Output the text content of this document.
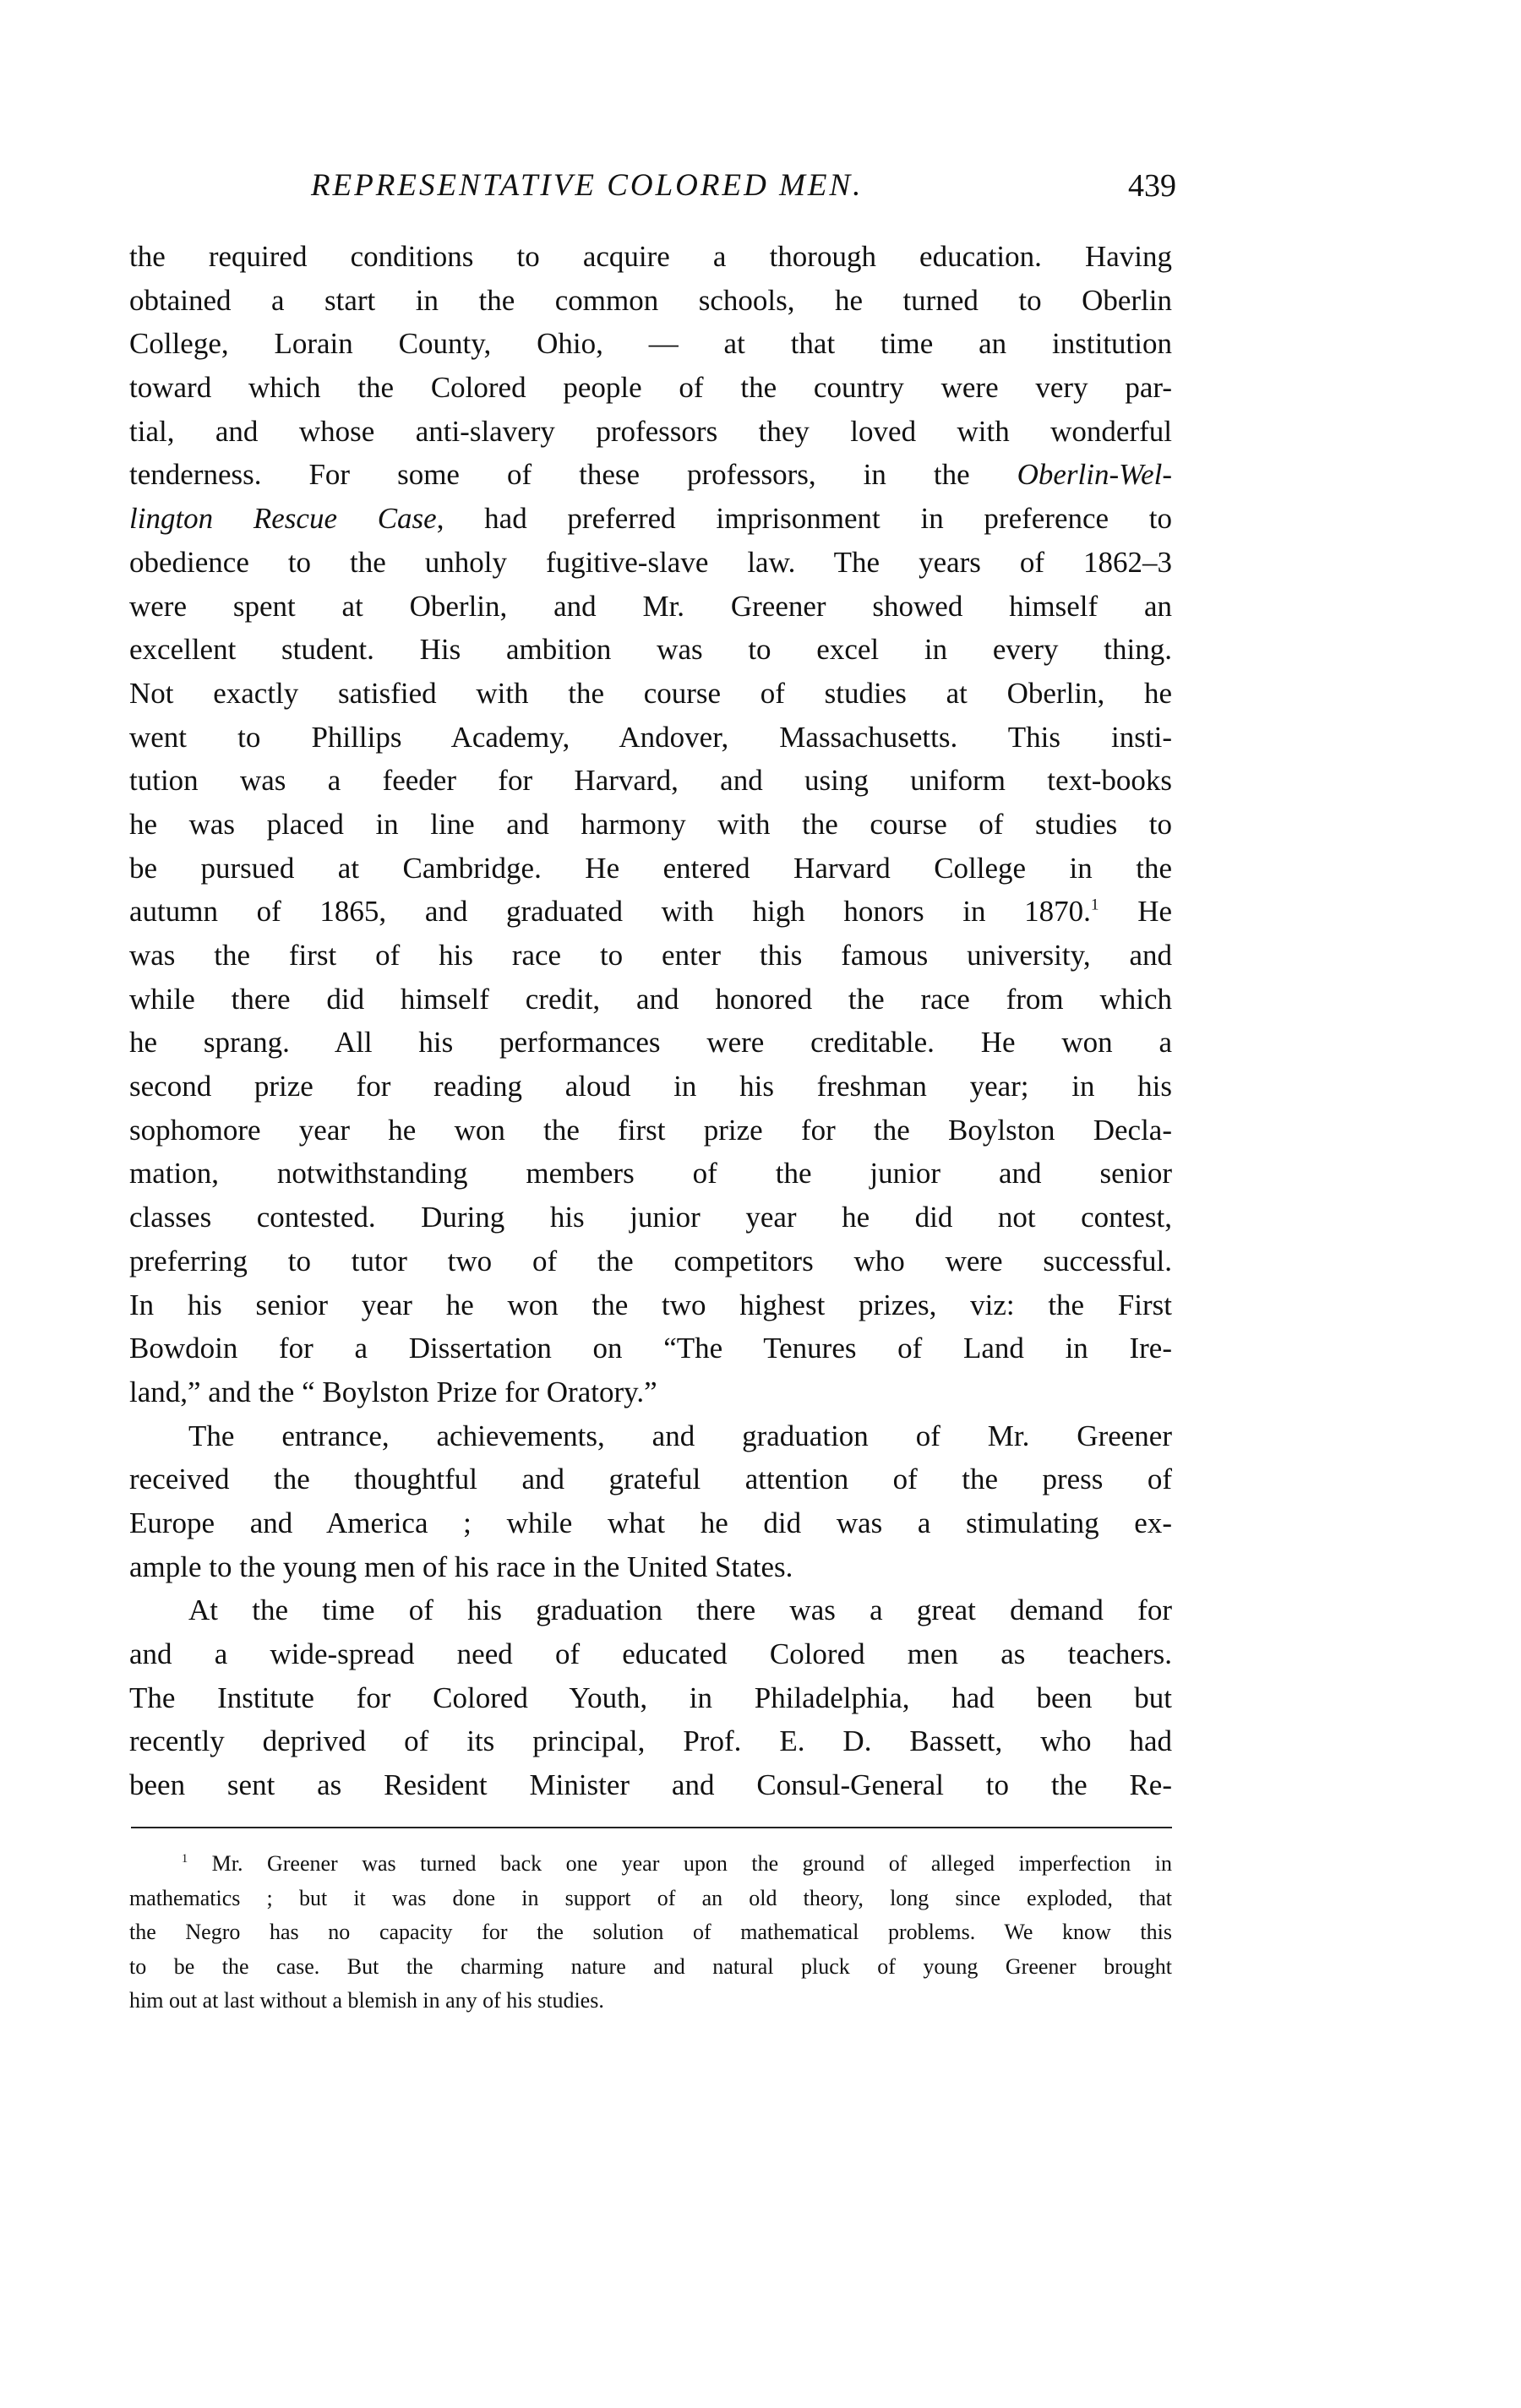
REPRESENTATIVE COLORED MEN.	439
the required conditions to acquire a thorough education. Having
obtained a start in the common schools, he turned to Oberlin
College, Lorain County, Ohio, — at that time an institution
toward which the Colored people of the country were very par-
tial, and whose anti-slavery professors they loved with wonderful
tenderness. For some of these professors, in the Oberlin-Wel-
lington Rescue Case, had preferred imprisonment in preference to
obedience to the unholy fugitive-slave law. The years of 1862–3
were spent at Oberlin, and Mr. Greener showed himself an
excellent student. His ambition was to excel in every thing.
Not exactly satisfied with the course of studies at Oberlin, he
went to Phillips Academy, Andover, Massachusetts. This insti-
tution was a feeder for Harvard, and using uniform text-books
he was placed in line and harmony with the course of studies to
be pursued at Cambridge. He entered Harvard College in the
autumn of 1865, and graduated with high honors in 1870.$^1$ He
was the first of his race to enter this famous university, and
while there did himself credit, and honored the race from which
he sprang. All his performances were creditable. He won a
second prize for reading aloud in his freshman year; in his
sophomore year he won the first prize for the Boylston Decla-
mation, notwithstanding members of the junior and senior
classes contested. During his junior year he did not contest,
preferring to tutor two of the competitors who were successful.
In his senior year he won the two highest prizes, viz: the First
Bowdoin for a Dissertation on “The Tenures of Land in Ire-
land,” and the “ Boylston Prize for Oratory.”
The entrance, achievements, and graduation of Mr. Greener
received the thoughtful and grateful attention of the press of
Europe and America ; while what he did was a stimulating ex-
ample to the young men of his race in the United States.
At the time of his graduation there was a great demand for
and a wide-spread need of educated Colored men as teachers.
The Institute for Colored Youth, in Philadelphia, had been but
recently deprived of its principal, Prof. E. D. Bassett, who had
been sent as Resident Minister and Consul-General to the Re-
$^1$ Mr. Greener was turned back one year upon the ground of alleged imperfection in
mathematics ; but it was done in support of an old theory, long since exploded, that
the Negro has no capacity for the solution of mathematical problems. We know this
to be the case. But the charming nature and natural pluck of young Greener brought
him out at last without a blemish in any of his studies.
